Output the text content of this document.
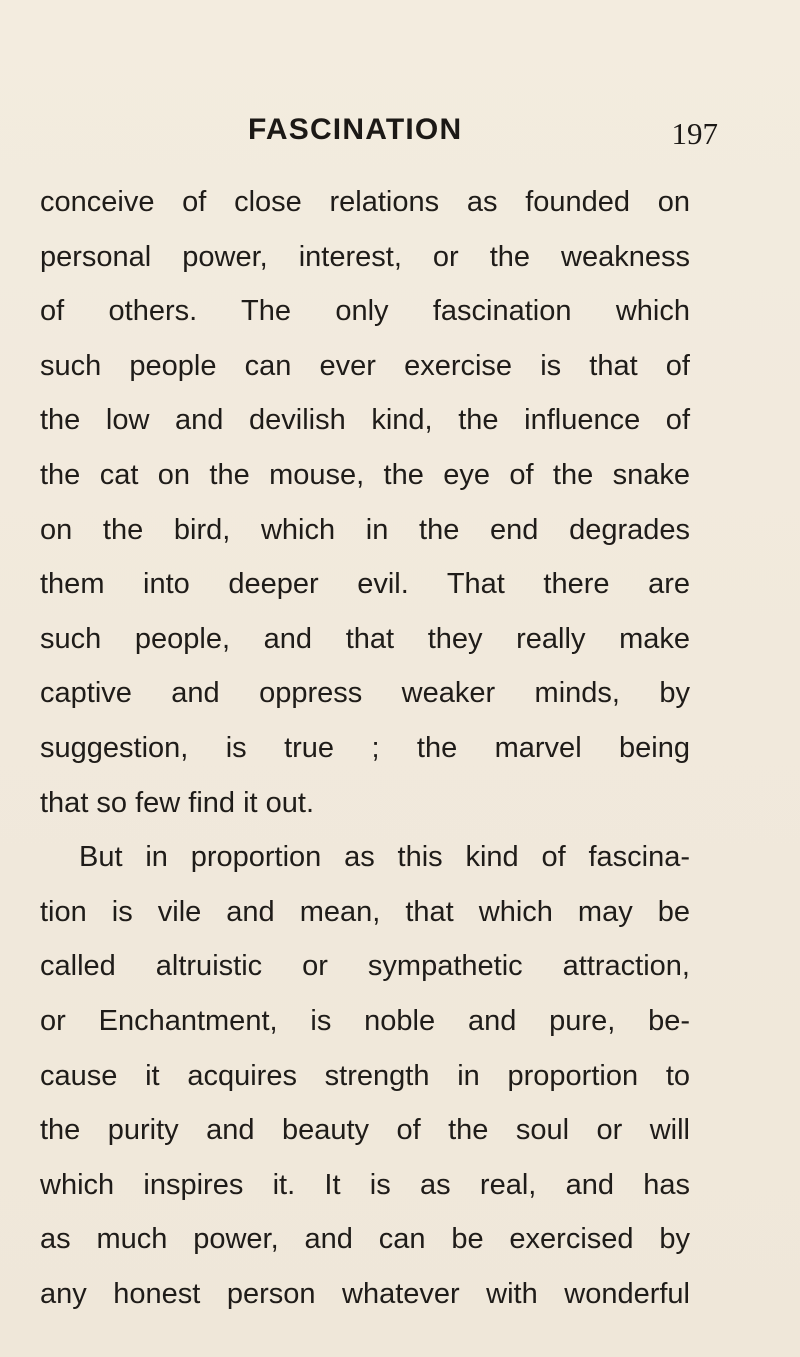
FASCINATION	197
conceive of close relations as founded on
personal power, interest, or the weakness
of others. The only fascination which
such people can ever exercise is that of
the low and devilish kind, the influence of
the cat on the mouse, the eye of the snake
on the bird, which in the end degrades
them into deeper evil. That there are
such people, and that they really make
captive and oppress weaker minds, by
suggestion, is true ; the marvel being
that so few find it out.
But in proportion as this kind of fascina-
tion is vile and mean, that which may be
called altruistic or sympathetic attraction,
or Enchantment, is noble and pure, be-
cause it acquires strength in proportion to
the purity and beauty of the soul or will
which inspires it. It is as real, and has
as much power, and can be exercised by
any honest person whatever with wonderful
